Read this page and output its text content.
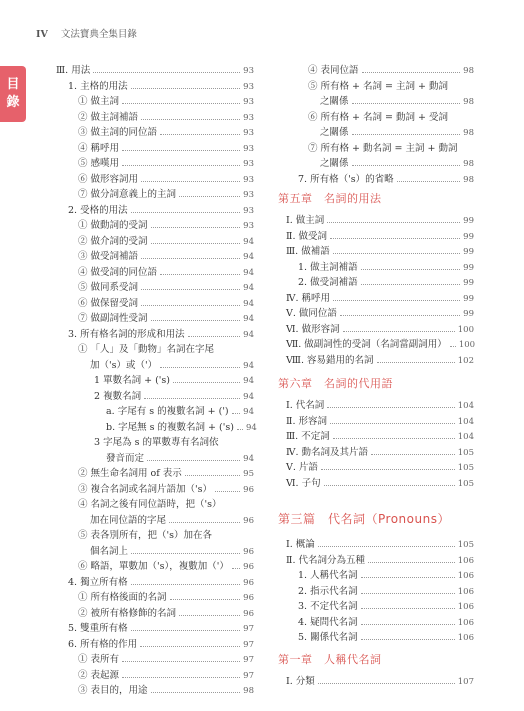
IV 文法寶典全集目錄
目
錄
Ⅲ. 用法	93
1. 主格的用法	93
① 做主詞	93
② 做主詞補語	93
③ 做主詞的同位語	93
④ 稱呼用	93
⑤ 感嘆用	93
⑥ 做形容詞用	93
⑦ 做分詞意義上的主詞	93
2. 受格的用法	93
① 做動詞的受詞	93
② 做介詞的受詞	94
③ 做受詞補語	94
④ 做受詞的同位語	94
⑤ 做同系受詞	94
⑥ 做保留受詞	94
⑦ 做副詞性受詞	94
3. 所有格名詞的形成和用法	94
① 「人」及「動物」名詞在字尾
加（'s）或（'）	94
1 單數名詞 + ('s)	94
2 複數名詞	94
a. 字尾有 s 的複數名詞 + (') 94
b. 字尾無 s 的複數名詞 + ('s) 94
3 字尾為 s 的單數專有名詞依
發音而定	94
② 無生命名詞用 of 表示	95
③ 複合名詞或名詞片語加（'s）	96
④ 名詞之後有同位語時，把（'s）
加在同位語的字尾	96
⑤ 表各別所有，把（'s）加在各
個名詞上	96
⑥ 略語，單數加（'s），複數加（'） 96
4. 獨立所有格	96
① 所有格後面的名詞	96
② 被所有格修飾的名詞	96
5. 雙重所有格	97
6. 所有格的作用	97
① 表所有	97
② 表起源	97
③ 表目的，用途	98
④ 表同位語	98
⑤ 所有格 + 名詞 = 主詞 + 動詞
之關係	98
⑥ 所有格 + 名詞 = 動詞 + 受詞
之關係	98
⑦ 所有格 + 動名詞 = 主詞 + 動詞
之關係	98
7. 所有格（'s）的省略	98
第五章　名詞的用法
Ⅰ. 做主詞	99
Ⅱ. 做受詞	99
Ⅲ. 做補語	99
1. 做主詞補語	99
2. 做受詞補語	99
Ⅳ. 稱呼用	99
Ⅴ. 做同位語	99
Ⅵ. 做形容詞	100
Ⅶ. 做副詞性的受詞（名詞當副詞用） 100
Ⅷ. 容易錯用的名詞	102
第六章　名詞的代用語
Ⅰ. 代名詞	104
Ⅱ. 形容詞	104
Ⅲ. 不定詞	104
Ⅳ. 動名詞及其片語	105
Ⅴ. 片語	105
Ⅵ. 子句	105
第三篇　代名詞（Pronouns）
Ⅰ. 概論	105
Ⅱ. 代名詞分為五種	106
1. 人稱代名詞	106
2. 指示代名詞	106
3. 不定代名詞	106
4. 疑問代名詞	106
5. 關係代名詞	106
第一章　人稱代名詞
Ⅰ. 分類	107
